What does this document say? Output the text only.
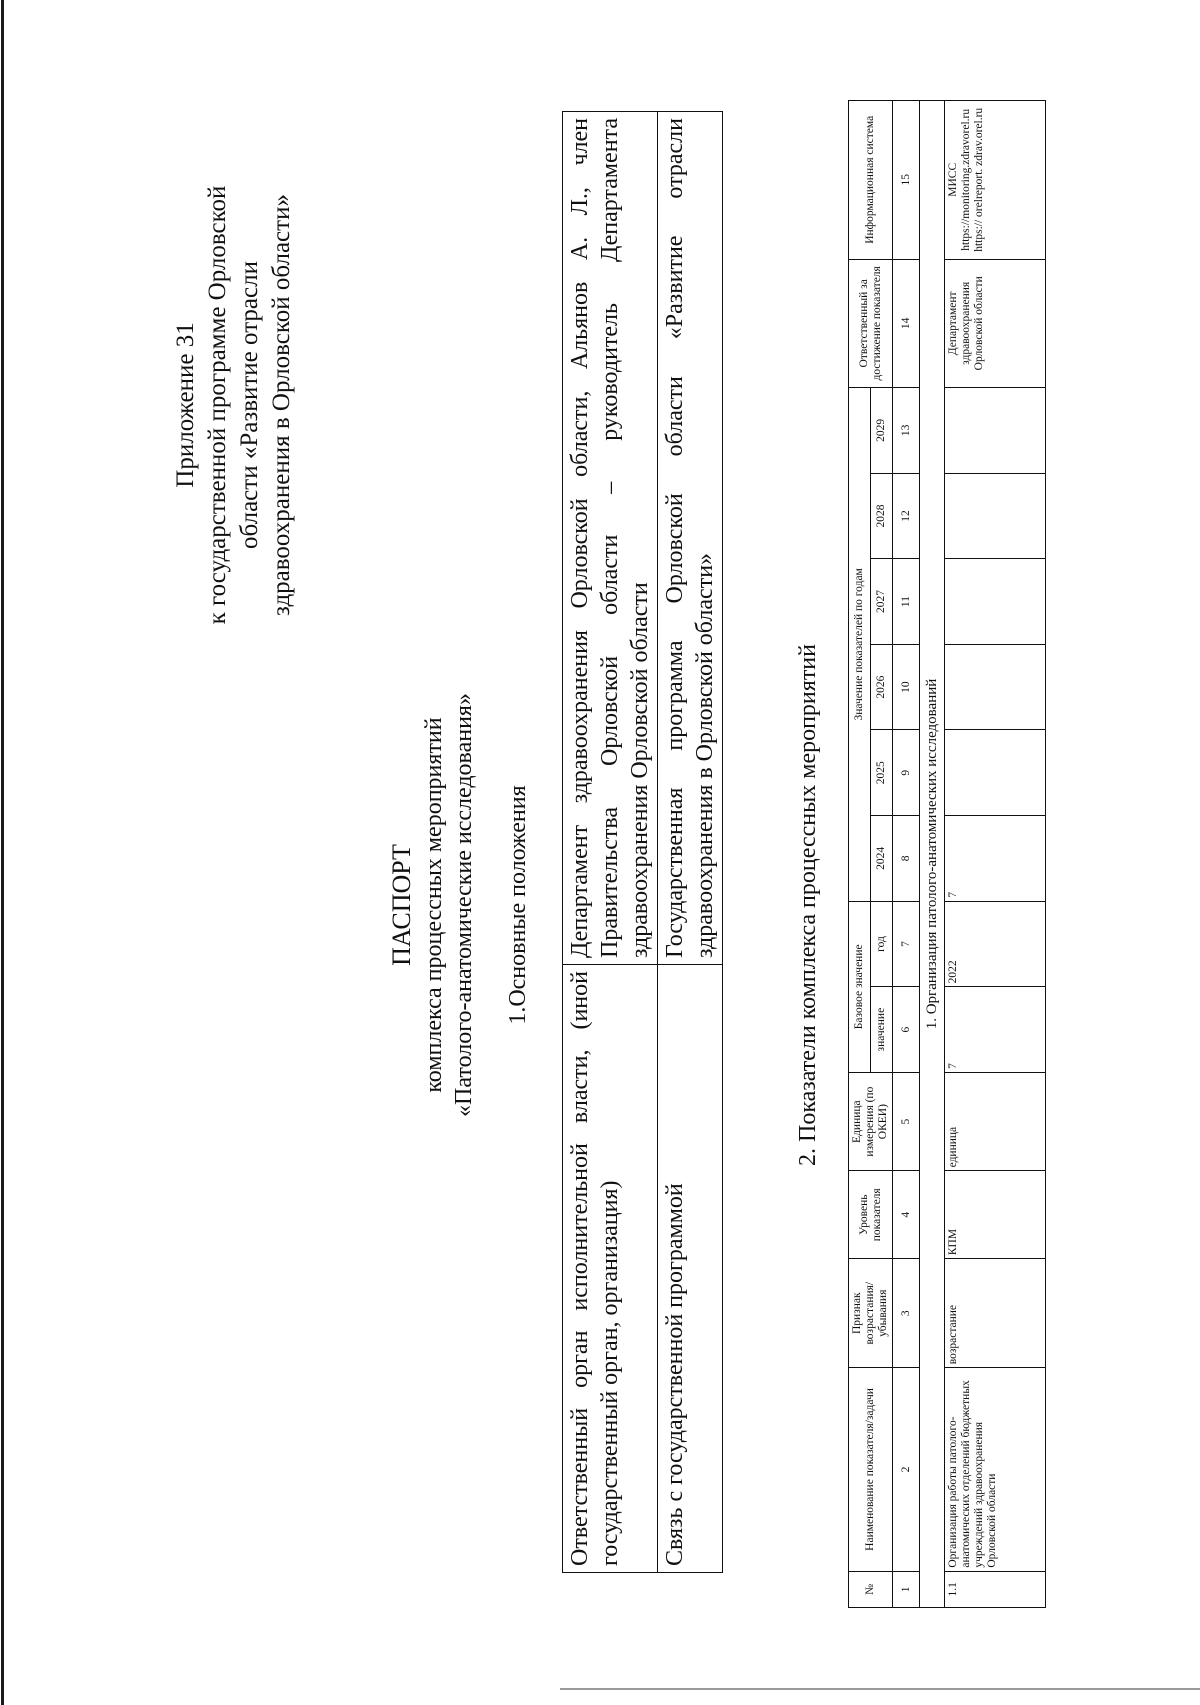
Приложение 31 к государственной программе Орловской области «Развитие отрасли здравоохранения в Орловской области»
ПАСПОРТ комплекса процессных мероприятий «Патолого-анатомические исследования» 1.Основные положения
Ответственный орган исполнительной власти, (иной государственный орган, организация)	Департамент здравоохранения Орловской области, Альянов А. Л., член Правительства Орловской области – руководитель Департамента здравоохранения Орловской области
Связь с государственной программой	Государственная программа Орловской области «Развитие отрасли здравоохранения в Орловской области»	2. Показатели комплекса процессных мероприятий
№	Наименование показателя/задачи	Признак возрастания/ убывания	Уровень показателя	Единица измерения (по ОКЕИ)	Базовое значение		Значение показателей по годам						Ответственный за достижение показателя	Информационная система
					значение	год	2024	2025	2026	2027	2028	2029		
1	2	3	4	5	6	7	8	9	10	11	12	13	14	15
1. Организация патолого-анатомических исследований														
1.1	Организация работы патолого-анатомических отделений бюджетных учреждений здравоохранения Орловской области	возрастание	КПМ	единица	7	2022	7						Департамент здравоохранения Орловской области	МИСС https://monitoring.zdravorel.ru https:// orelreport. zdrav.orel.ru
